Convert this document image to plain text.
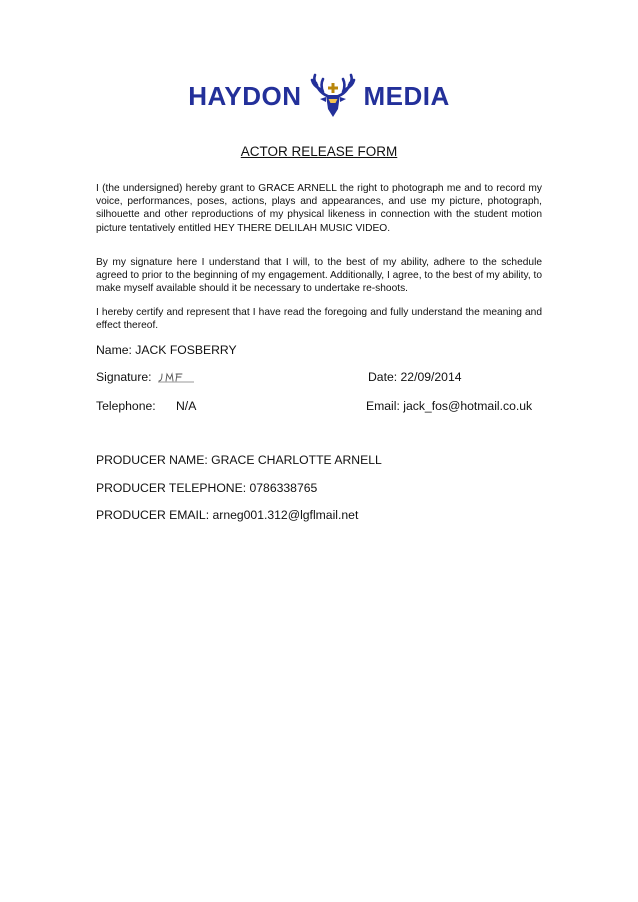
HAYDON MEDIA
ACTOR RELEASE FORM

I (the undersigned) hereby grant to GRACE ARNELL the right to photograph me and to record my voice, performances, poses, actions, plays and appearances, and use my picture, photograph, silhouette and other reproductions of my physical likeness in connection with the student motion picture tentatively entitled HEY THERE DELILAH MUSIC VIDEO.

By my signature here I understand that I will, to the best of my ability, adhere to the schedule agreed to prior to the beginning of my engagement. Additionally, I agree, to the best of my ability, to make myself available should it be necessary to undertake re-shoots.

I hereby certify and represent that I have read the foregoing and fully understand the meaning and effect thereof.

Name: JACK FOSBERRY
Signature:	Date: 22/09/2014
Telephone: N/A	Email: jack_fos@hotmail.co.uk
PRODUCER NAME: GRACE CHARLOTTE ARNELL
PRODUCER TELEPHONE: 0786338765
PRODUCER EMAIL: arneg001.312@lgflmail.net
